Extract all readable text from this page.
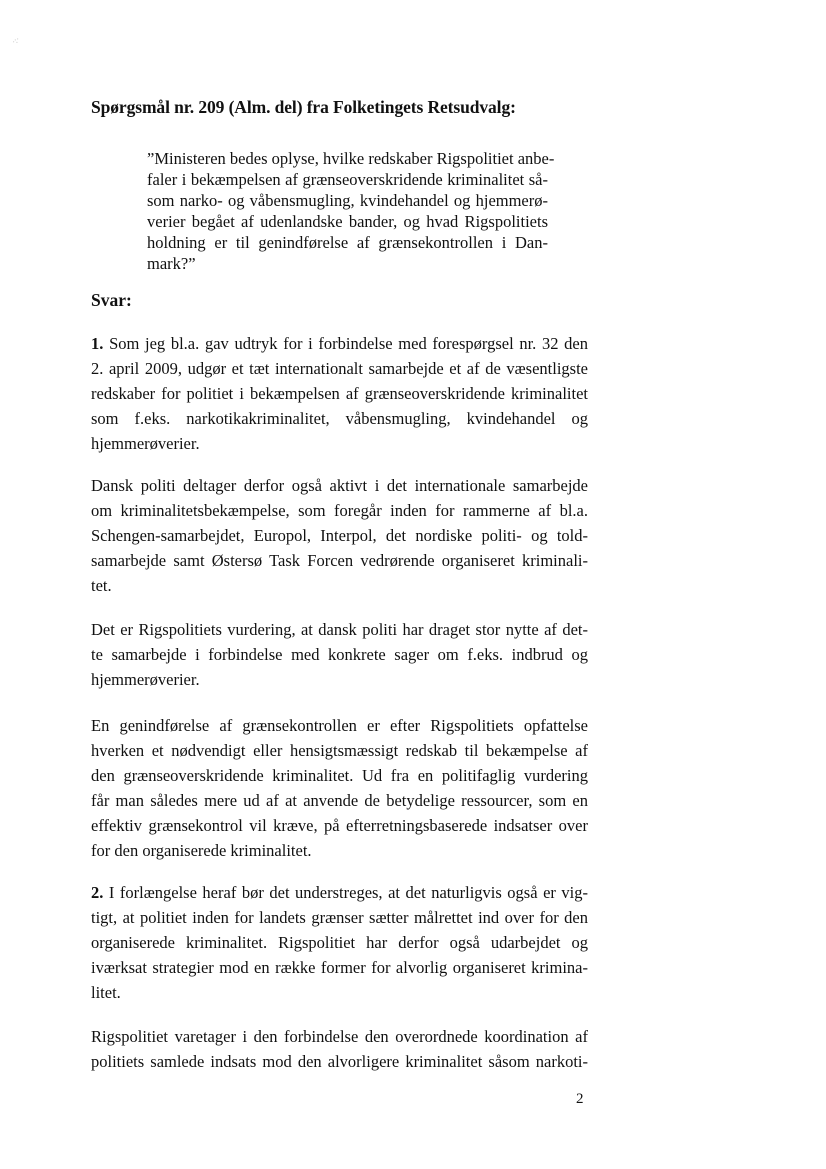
·:·
Spørgsmål nr. 209 (Alm. del) fra Folketingets Retsudvalg:
”Ministeren bedes oplyse, hvilke redskaber Rigspolitiet anbe-
faler i bekæmpelsen af grænseoverskridende kriminalitet så-
som narko- og våbensmugling, kvindehandel og hjemmerø-
verier begået af udenlandske bander, og hvad Rigspolitiets
holdning er til genindførelse af grænsekontrollen i Dan-
mark?”
Svar:
1. Som jeg bl.a. gav udtryk for i forbindelse med forespørgsel nr. 32 den
2. april 2009, udgør et tæt internationalt samarbejde et af de væsentligste
redskaber for politiet i bekæmpelsen af grænseoverskridende kriminalitet
som f.eks. narkotikakriminalitet, våbensmugling, kvindehandel og
hjemmerøverier.
Dansk politi deltager derfor også aktivt i det internationale samarbejde
om kriminalitetsbekæmpelse, som foregår inden for rammerne af bl.a.
Schengen-samarbejdet, Europol, Interpol, det nordiske politi- og told-
samarbejde samt Østersø Task Forcen vedrørende organiseret kriminali-
tet.
Det er Rigspolitiets vurdering, at dansk politi har draget stor nytte af det-
te samarbejde i forbindelse med konkrete sager om f.eks. indbrud og
hjemmerøverier.
En genindførelse af grænsekontrollen er efter Rigspolitiets opfattelse
hverken et nødvendigt eller hensigtsmæssigt redskab til bekæmpelse af
den grænseoverskridende kriminalitet. Ud fra en politifaglig vurdering
får man således mere ud af at anvende de betydelige ressourcer, som en
effektiv grænsekontrol vil kræve, på efterretningsbaserede indsatser over
for den organiserede kriminalitet.
2. I forlængelse heraf bør det understreges, at det naturligvis også er vig-
tigt, at politiet inden for landets grænser sætter målrettet ind over for den
organiserede kriminalitet. Rigspolitiet har derfor også udarbejdet og
iværksat strategier mod en række former for alvorlig organiseret krimina-
litet.
Rigspolitiet varetager i den forbindelse den overordnede koordination af
politiets samlede indsats mod den alvorligere kriminalitet såsom narkoti-
2
